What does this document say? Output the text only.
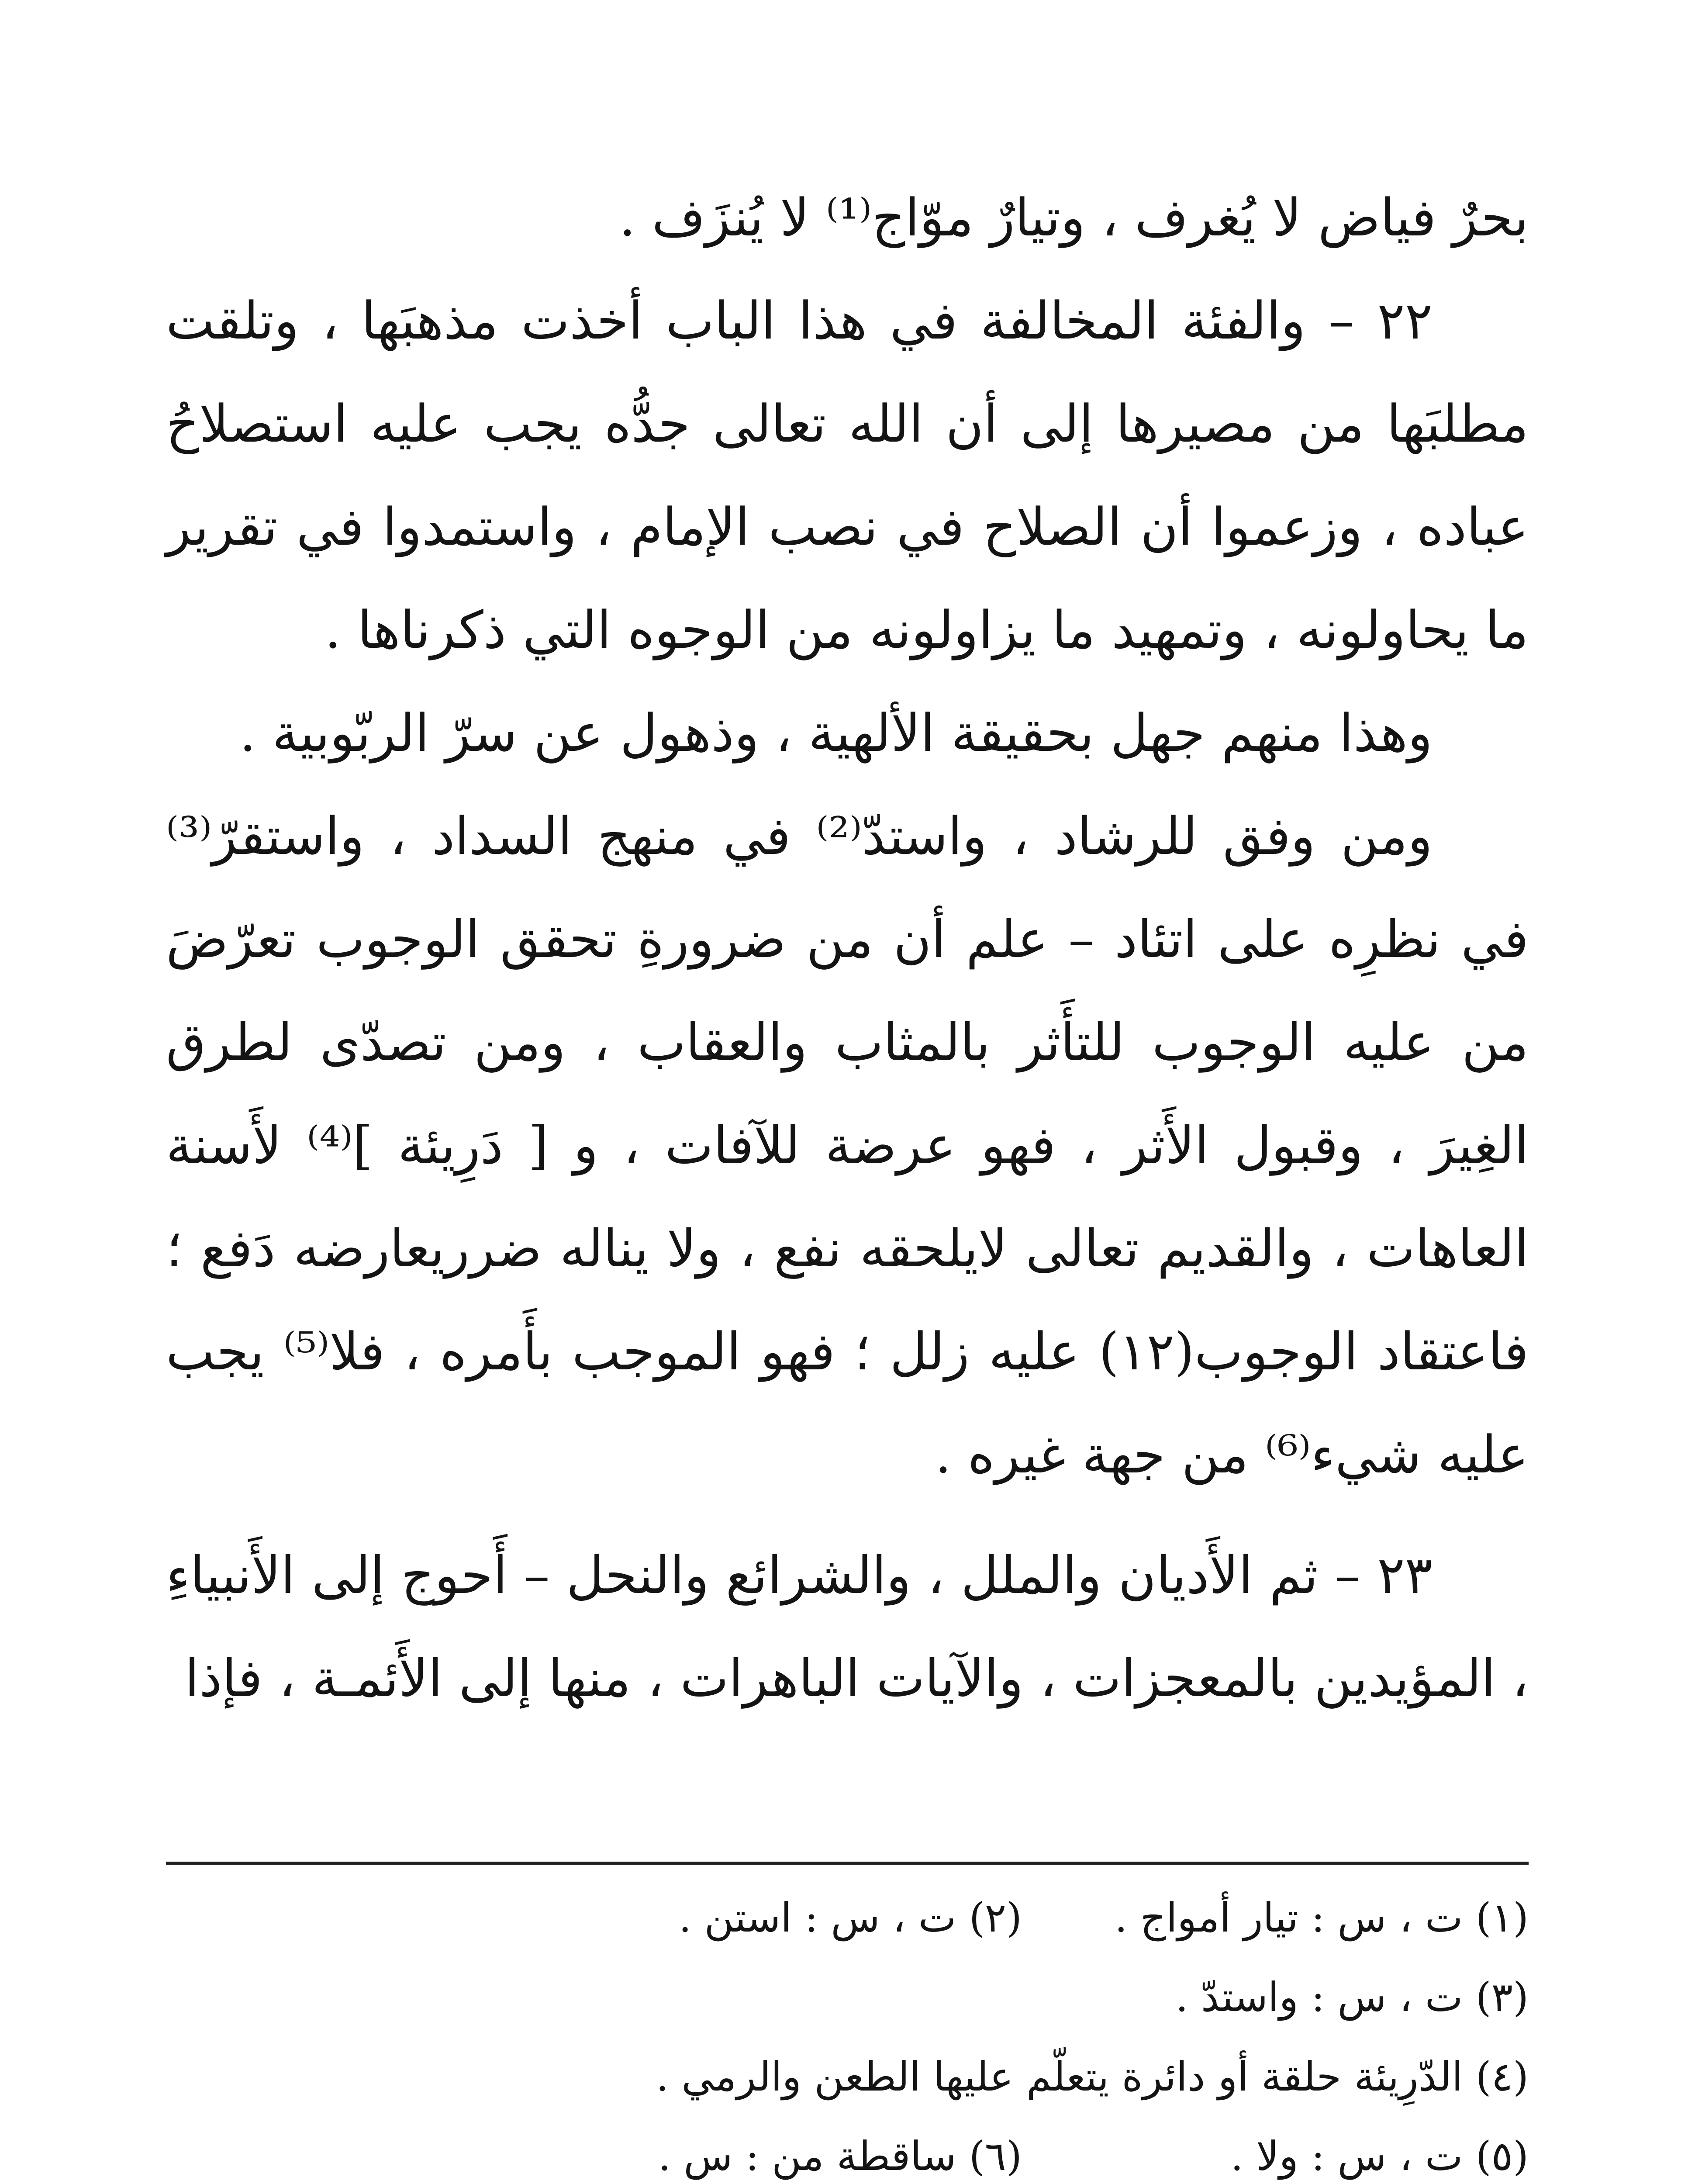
بحرٌ فياض لا يُغرف ، وتيارٌ موّاج⁽¹⁾ لا يُنزَف .

٢٢ – والفئة المخالفة في هذا الباب أخذت مذهبَها ، وتلقت مطلبَها من مصيرها إلى أن الله تعالى جدُّه يجب عليه استصلاحُ عباده ، وزعموا أن الصلاح في نصب الإمام ، واستمدوا في تقرير ما يحاولونه ، وتمهيد ما يزاولونه من الوجوه التي ذكرناها .

وهذا منهم جهل بحقيقة الألهية ، وذهول عن سرّ الربّوبية .

ومن وفق للرشاد ، واستدّ⁽²⁾ في منهج السداد ، واستقرّ⁽³⁾ في نظرِه على اتئاد – علم أن من ضرورةِ تحقق الوجوب تعرّضَ من عليه الوجوب للتأَثر بالمثاب والعقاب ، ومن تصدّى لطرق الغِيرَ ، وقبول الأَثر ، فهو عرضة للآفات ، و [ دَرِيئة ]⁽⁴⁾ لأَسنة العاهات ، والقديم تعالى لايلحقه نفع ، ولا يناله ضرريعارضه دَفع ؛ فاعتقاد الوجوب(١٢) عليه زلل ؛ فهو الموجب بأَمره ، فلا⁽⁵⁾ يجب عليه شيء⁽⁶⁾ من جهة غيره .

٢٣ – ثم الأَديان والملل ، والشرائع والنحل – أَحوج إلى الأَنبياءِ ، المؤيدين بالمعجزات ، والآيات الباهرات ، منها إلى الأَئمـة ، فإذا

(١) ت ، س : تيار أمواج .
(٢) ت ، س : استن .
(٣) ت ، س : واستدّ .
(٤) الدّرِيئة حلقة أو دائرة يتعلّم عليها الطعن والرمي .
(٥) ت ، س : ولا .
(٦) ساقطة من : س .
